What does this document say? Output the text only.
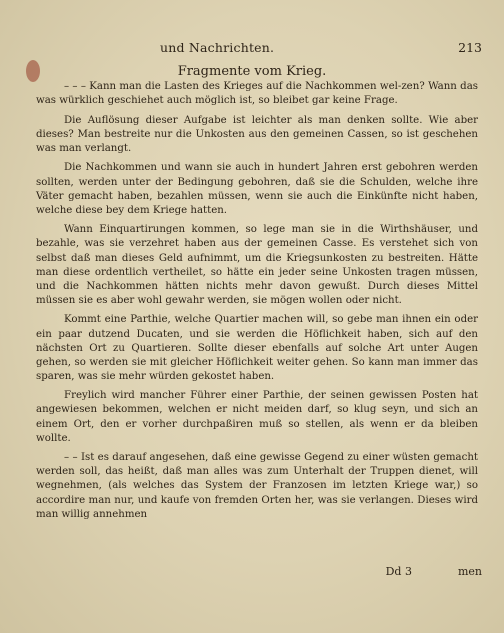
und Nachrichten.	213
Fragmente vom Krieg.

– – – Kann man die Lasten des Krieges auf die Nachkommen wel-zen? Wann das was würklich geschiehet auch möglich ist, so bleibet gar keine Frage.

Die Auflösung dieser Aufgabe ist leichter als man denken sollte. Wie aber dieses? Man bestreite nur die Unkosten aus den gemeinen Cassen, so ist geschehen was man verlangt.

Die Nachkommen und wann sie auch in hundert Jahren erst gebohren werden sollten, werden unter der Bedingung gebohren, daß sie die Schulden, welche ihre Väter gemacht haben, bezahlen müssen, wenn sie auch die Einkünfte nicht haben, welche diese bey dem Kriege hatten.

Wann Einquartirungen kommen, so lege man sie in die Wirthshäuser, und bezahle, was sie verzehret haben aus der gemeinen Casse. Es verstehet sich von selbst daß man dieses Geld aufnimmt, um die Kriegsunkosten zu bestreiten. Hätte man diese ordentlich vertheilet, so hätte ein jeder seine Unkosten tragen müssen, und die Nachkommen hätten nichts mehr davon gewußt. Durch dieses Mittel müssen sie es aber wohl gewahr werden, sie mögen wollen oder nicht.

Kommt eine Parthie, welche Quartier machen will, so gebe man ihnen ein oder ein paar dutzend Ducaten, und sie werden die Höflichkeit haben, sich auf den nächsten Ort zu Quartieren. Sollte dieser ebenfalls auf solche Art unter Augen gehen, so werden sie mit gleicher Höflichkeit weiter gehen. So kann man immer das sparen, was sie mehr würden gekostet haben.

Freylich wird mancher Führer einer Parthie, der seinen gewissen Posten hat angewiesen bekommen, welchen er nicht meiden darf, so klug seyn, und sich an einem Ort, den er vorher durchpaßiren muß so stellen, als wenn er da bleiben wollte.

– – Ist es darauf angesehen, daß eine gewisse Gegend zu einer wüsten gemacht werden soll, das heißt, daß man alles was zum Unterhalt der Truppen dienet, will wegnehmen, (als welches das System der Franzosen im letzten Kriege war,) so accordire man nur, und kaufe von fremden Orten her, was sie verlangen. Dieses wird man willig annehmen

Dd 3	men
